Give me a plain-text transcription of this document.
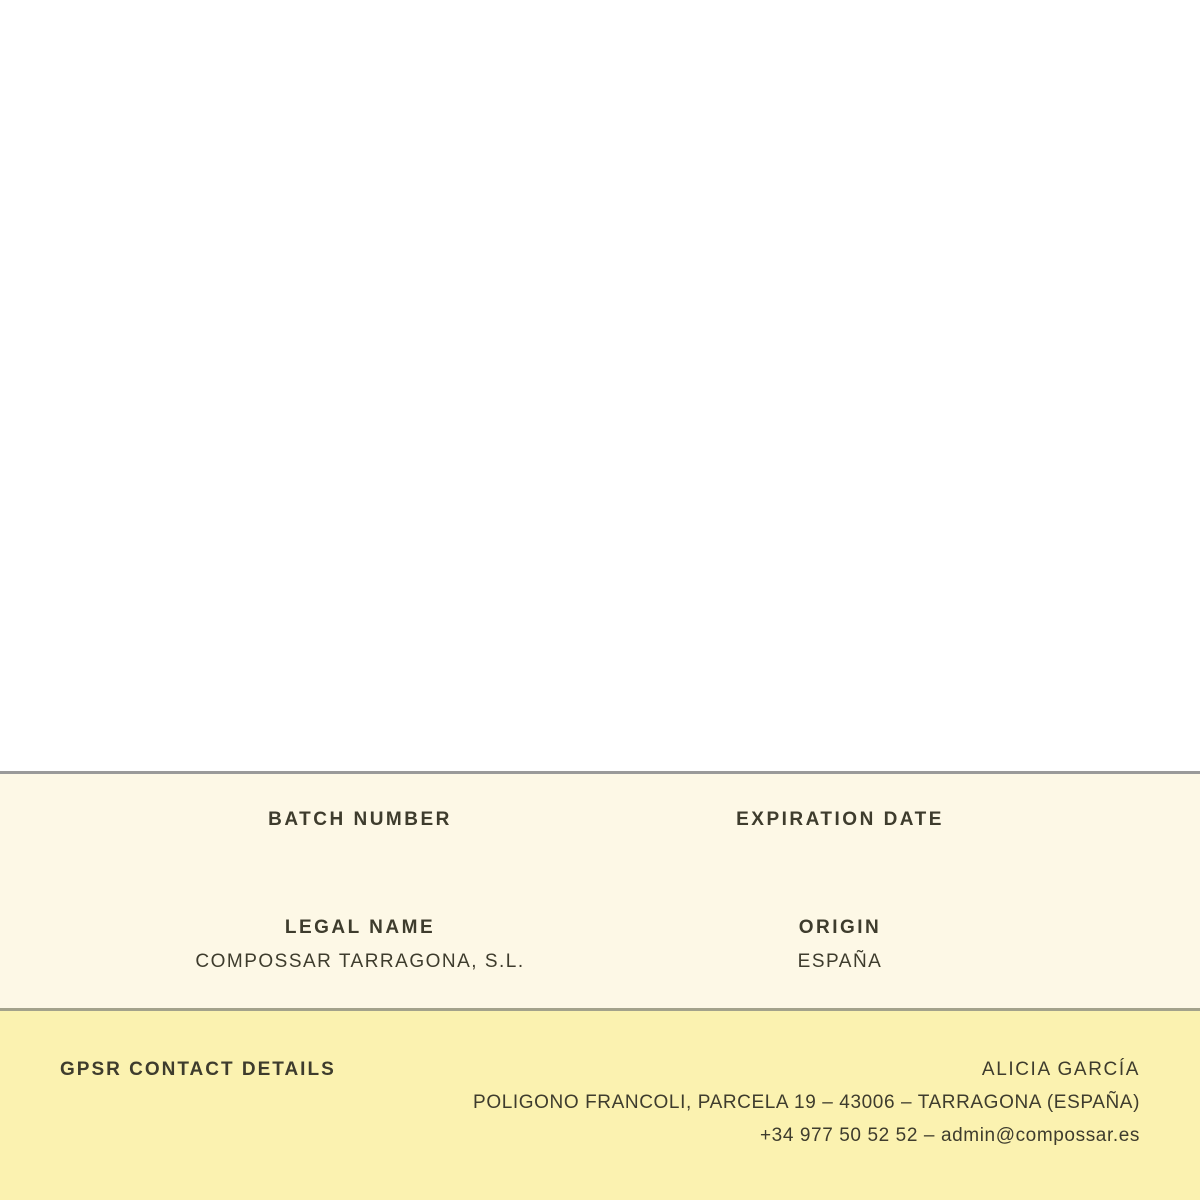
BATCH NUMBER	EXPIRATION DATE
LEGAL NAME
COMPOSSAR TARRAGONA, S.L.
ORIGIN
ESPAÑA
GPSR CONTACT DETAILS	ALICIA GARCÍA
POLIGONO FRANCOLI, PARCELA 19 – 43006 – TARRAGONA (ESPAÑA)
+34 977 50 52 52 – admin@compossar.es
